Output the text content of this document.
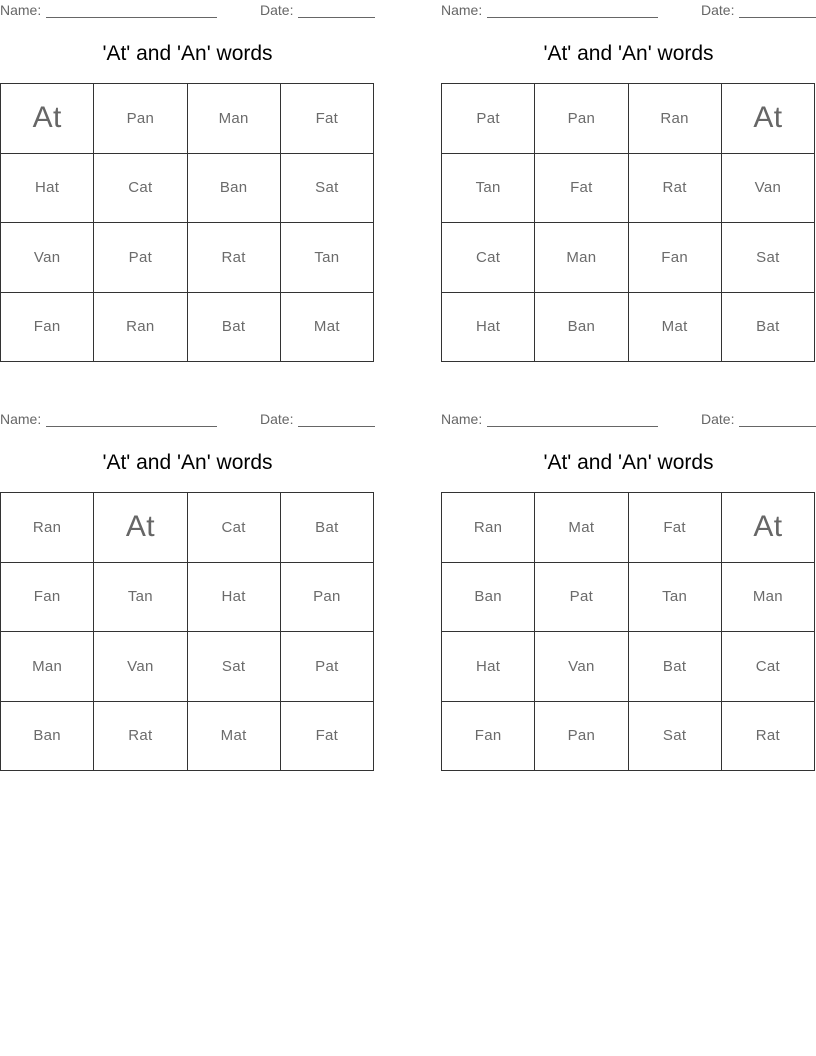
Name:	Date:
'At' and 'An' words
At	Pan	Man	Fat
Hat	Cat	Ban	Sat
Van	Pat	Rat	Tan
Fan	Ran	Bat	Mat
Name:	Date:
'At' and 'An' words
Pat	Pan	Ran	At
Tan	Fat	Rat	Van
Cat	Man	Fan	Sat
Hat	Ban	Mat	Bat
Name:	Date:
'At' and 'An' words
Ran	At	Cat	Bat
Fan	Tan	Hat	Pan
Man	Van	Sat	Pat
Ban	Rat	Mat	Fat
Name:	Date:
'At' and 'An' words
Ran	Mat	Fat	At
Ban	Pat	Tan	Man
Hat	Van	Bat	Cat
Fan	Pan	Sat	Rat
